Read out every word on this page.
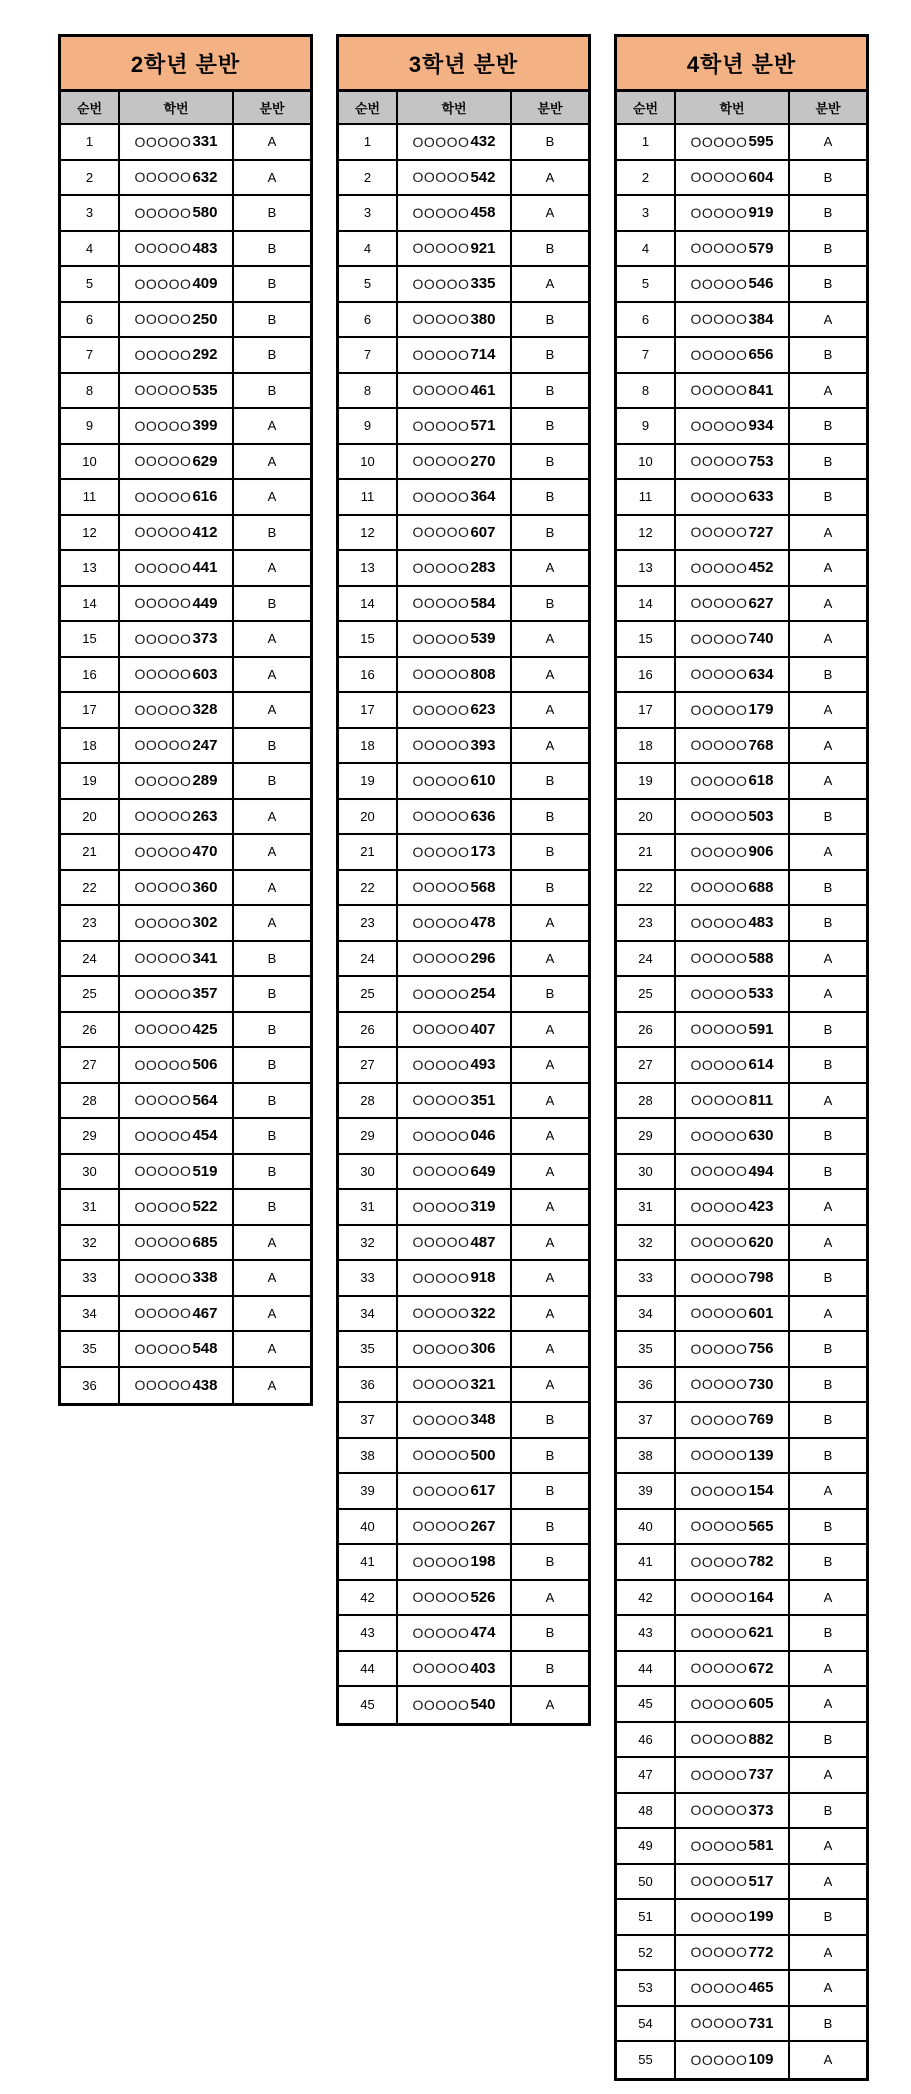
2학년 분반
순번	학번	분반
1	OOOOO 331	A
2	OOOOO 632	A
3	OOOOO 580	B
4	OOOOO 483	B
5	OOOOO 409	B
6	OOOOO 250	B
7	OOOOO 292	B
8	OOOOO 535	B
9	OOOOO 399	A
10	OOOOO 629	A
11	OOOOO 616	A
12	OOOOO 412	B
13	OOOOO 441	A
14	OOOOO 449	B
15	OOOOO 373	A
16	OOOOO 603	A
17	OOOOO 328	A
18	OOOOO 247	B
19	OOOOO 289	B
20	OOOOO 263	A
21	OOOOO 470	A
22	OOOOO 360	A
23	OOOOO 302	A
24	OOOOO 341	B
25	OOOOO 357	B
26	OOOOO 425	B
27	OOOOO 506	B
28	OOOOO 564	B
29	OOOOO 454	B
30	OOOOO 519	B
31	OOOOO 522	B
32	OOOOO 685	A
33	OOOOO 338	A
34	OOOOO 467	A
35	OOOOO 548	A
36	OOOOO 438	A
3학년 분반
순번	학번	분반
1	OOOOO 432	B
2	OOOOO 542	A
3	OOOOO 458	A
4	OOOOO 921	B
5	OOOOO 335	A
6	OOOOO 380	B
7	OOOOO 714	B
8	OOOOO 461	B
9	OOOOO 571	B
10	OOOOO 270	B
11	OOOOO 364	B
12	OOOOO 607	B
13	OOOOO 283	A
14	OOOOO 584	B
15	OOOOO 539	A
16	OOOOO 808	A
17	OOOOO 623	A
18	OOOOO 393	A
19	OOOOO 610	B
20	OOOOO 636	B
21	OOOOO 173	B
22	OOOOO 568	B
23	OOOOO 478	A
24	OOOOO 296	A
25	OOOOO 254	B
26	OOOOO 407	A
27	OOOOO 493	A
28	OOOOO 351	A
29	OOOOO 046	A
30	OOOOO 649	A
31	OOOOO 319	A
32	OOOOO 487	A
33	OOOOO 918	A
34	OOOOO 322	A
35	OOOOO 306	A
36	OOOOO 321	A
37	OOOOO 348	B
38	OOOOO 500	B
39	OOOOO 617	B
40	OOOOO 267	B
41	OOOOO 198	B
42	OOOOO 526	A
43	OOOOO 474	B
44	OOOOO 403	B
45	OOOOO 540	A
4학년 분반
순번	학번	분반
1	OOOOO 595	A
2	OOOOO 604	B
3	OOOOO 919	B
4	OOOOO 579	B
5	OOOOO 546	B
6	OOOOO 384	A
7	OOOOO 656	B
8	OOOOO 841	A
9	OOOOO 934	B
10	OOOOO 753	B
11	OOOOO 633	B
12	OOOOO 727	A
13	OOOOO 452	A
14	OOOOO 627	A
15	OOOOO 740	A
16	OOOOO 634	B
17	OOOOO 179	A
18	OOOOO 768	A
19	OOOOO 618	A
20	OOOOO 503	B
21	OOOOO 906	A
22	OOOOO 688	B
23	OOOOO 483	B
24	OOOOO 588	A
25	OOOOO 533	A
26	OOOOO 591	B
27	OOOOO 614	B
28	OOOOO 811	A
29	OOOOO 630	B
30	OOOOO 494	B
31	OOOOO 423	A
32	OOOOO 620	A
33	OOOOO 798	B
34	OOOOO 601	A
35	OOOOO 756	B
36	OOOOO 730	B
37	OOOOO 769	B
38	OOOOO 139	B
39	OOOOO 154	A
40	OOOOO 565	B
41	OOOOO 782	B
42	OOOOO 164	A
43	OOOOO 621	B
44	OOOOO 672	A
45	OOOOO 605	A
46	OOOOO 882	B
47	OOOOO 737	A
48	OOOOO 373	B
49	OOOOO 581	A
50	OOOOO 517	A
51	OOOOO 199	B
52	OOOOO 772	A
53	OOOOO 465	A
54	OOOOO 731	B
55	OOOOO 109	A
